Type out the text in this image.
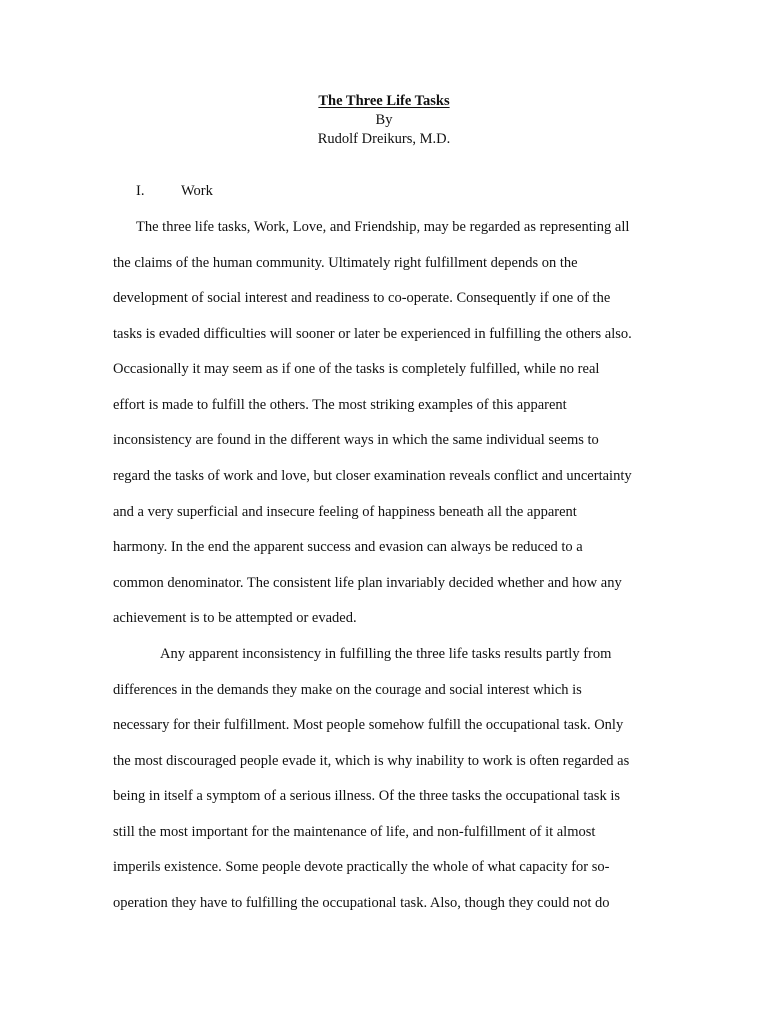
The Three Life Tasks
By
Rudolf Dreikurs, M.D.
I.	Work
The three life tasks, Work, Love, and Friendship, may be regarded as representing all
the claims of the human community. Ultimately right fulfillment depends on the
development of social interest and readiness to co-operate. Consequently if one of the
tasks is evaded difficulties will sooner or later be experienced in fulfilling the others also.
Occasionally it may seem as if one of the tasks is completely fulfilled, while no real
effort is made to fulfill the others. The most striking examples of this apparent
inconsistency are found in the different ways in which the same individual seems to
regard the tasks of work and love, but closer examination reveals conflict and uncertainty
and a very superficial and insecure feeling of happiness beneath all the apparent
harmony. In the end the apparent success and evasion can always be reduced to a
common denominator. The consistent life plan invariably decided whether and how any
achievement is to be attempted or evaded.
Any apparent inconsistency in fulfilling the three life tasks results partly from
differences in the demands they make on the courage and social interest which is
necessary for their fulfillment. Most people somehow fulfill the occupational task. Only
the most discouraged people evade it, which is why inability to work is often regarded as
being in itself a symptom of a serious illness. Of the three tasks the occupational task is
still the most important for the maintenance of life, and non-fulfillment of it almost
imperils existence. Some people devote practically the whole of what capacity for so-
operation they have to fulfilling the occupational task. Also, though they could not do
